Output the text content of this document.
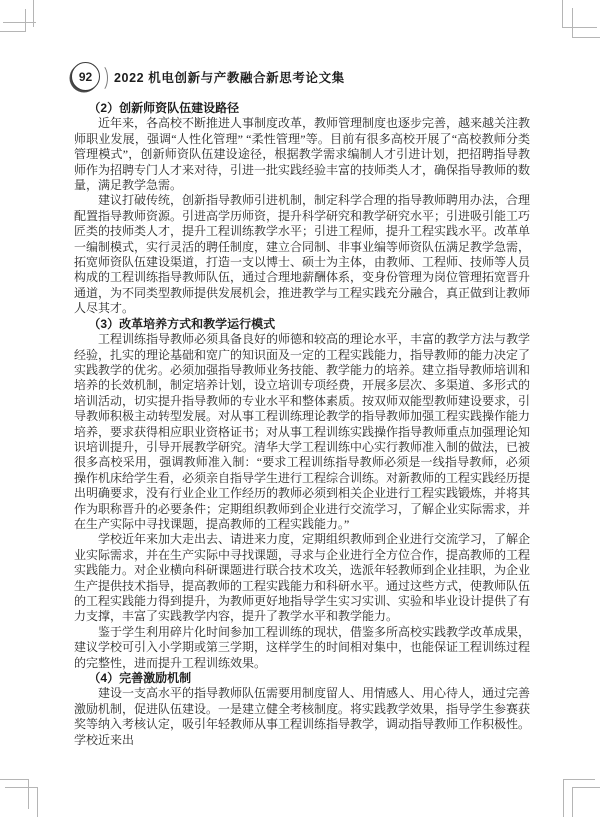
92 2022 机电创新与产教融合新思考论文集

（2）创新师资队伍建设路径

近年来，各高校不断推进人事制度改革，教师管理制度也逐步完善，越来越关注教师职业发展，强调“人性化管理” “柔性管理”等。目前有很多高校开展了“高校教师分类管理模式”，创新师资队伍建设途径，根据教学需求编制人才引进计划，把招聘指导教师作为招聘专门人才来对待，引进一批实践经验丰富的技师类人才，确保指导教师的数量，满足教学急需。

建议打破传统，创新指导教师引进机制，制定科学合理的指导教师聘用办法，合理配置指导教师资源。引进高学历师资，提升科学研究和教学研究水平；引进吸引能工巧匠类的技师类人才，提升工程训练教学水平；引进工程师，提升工程实践水平。改革单一编制模式，实行灵活的聘任制度，建立合同制、非事业编等师资队伍满足教学急需，拓宽师资队伍建设渠道，打造一支以博士、硕士为主体，由教师、工程师、技师等人员构成的工程训练指导教师队伍，通过合理地薪酬体系，变身份管理为岗位管理拓宽晋升通道，为不同类型教师提供发展机会，推进教学与工程实践充分融合，真正做到让教师人尽其才。

（3）改革培养方式和教学运行模式

工程训练指导教师必须具备良好的师德和较高的理论水平，丰富的教学方法与教学经验，扎实的理论基础和宽广的知识面及一定的工程实践能力，指导教师的能力决定了实践教学的优劣。必须加强指导教师业务技能、教学能力的培养。建立指导教师培训和培养的长效机制，制定培养计划，设立培训专项经费，开展多层次、多渠道、多形式的培训活动，切实提升指导教师的专业水平和整体素质。按双师双能型教师建设要求，引导教师积极主动转型发展。对从事工程训练理论教学的指导教师加强工程实践操作能力培养，要求获得相应职业资格证书；对从事工程训练实践操作指导教师重点加强理论知识培训提升，引导开展教学研究。清华大学工程训练中心实行教师准入制的做法，已被很多高校采用，强调教师准入制：“要求工程训练指导教师必须是一线指导教师，必须操作机床给学生看，必须亲自指导学生进行工程综合训练。对新教师的工程实践经历提出明确要求，没有行业企业工作经历的教师必须到相关企业进行工程实践锻炼，并将其作为职称晋升的必要条件；定期组织教师到企业进行交流学习，了解企业实际需求，并在生产实际中寻找课题，提高教师的工程实践能力。”

学校近年来加大走出去、请进来力度，定期组织教师到企业进行交流学习，了解企业实际需求，并在生产实际中寻找课题，寻求与企业进行全方位合作，提高教师的工程实践能力。对企业横向科研课题进行联合技术攻关，选派年轻教师到企业挂职，为企业生产提供技术指导，提高教师的工程实践能力和科研水平。通过这些方式，使教师队伍的工程实践能力得到提升，为教师更好地指导学生实习实训、实验和毕业设计提供了有力支撑，丰富了实践教学内容，提升了教学水平和教学能力。

鉴于学生利用碎片化时间参加工程训练的现状，借鉴多所高校实践教学改革成果，建议学校可引入小学期或第三学期，这样学生的时间相对集中，也能保证工程训练过程的完整性，进而提升工程训练效果。

（4）完善激励机制

建设一支高水平的指导教师队伍需要用制度留人、用情感人、用心待人，通过完善激励机制，促进队伍建设。一是建立健全考核制度。将实践教学效果，指导学生参赛获奖等纳入考核认定，吸引年轻教师从事工程训练指导教学，调动指导教师工作积极性。学校近来出
